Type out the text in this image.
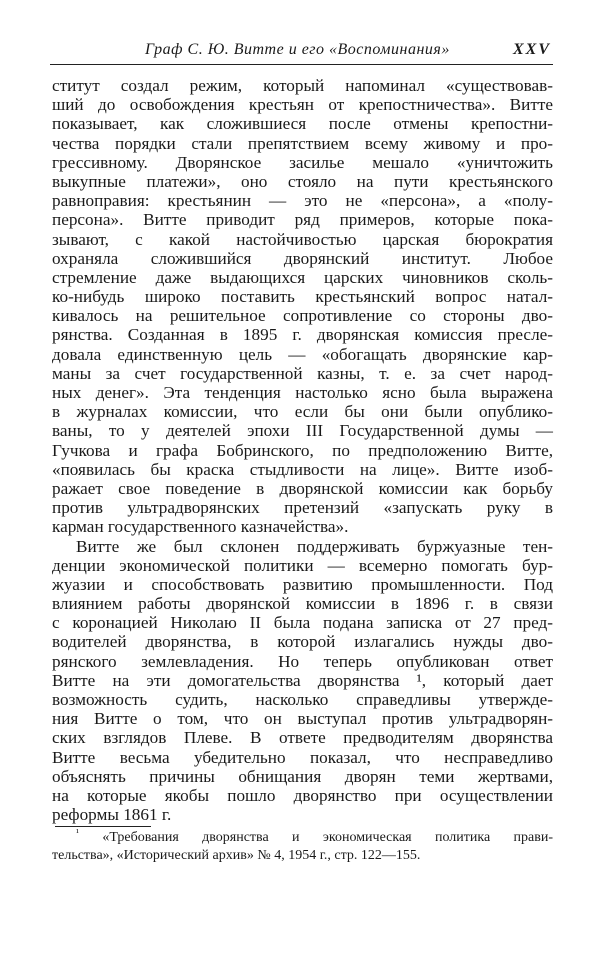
Граф С. Ю. Витте и его «Воспоминания»	XXV
ститут создал режим, который напоминал «существовав-
ший до освобождения крестьян от крепостничества». Витте
показывает, как сложившиеся после отмены крепостни-
чества порядки стали препятствием всему живому и про-
грессивному. Дворянское засилье мешало «уничтожить
выкупные платежи», оно стояло на пути крестьянского
равноправия: крестьянин — это не «персона», а «полу-
персона». Витте приводит ряд примеров, которые пока-
зывают, с какой настойчивостью царская бюрократия
охраняла сложившийся дворянский институт. Любое
стремление даже выдающихся царских чиновников сколь-
ко-нибудь широко поставить крестьянский вопрос натал-
кивалось на решительное сопротивление со стороны дво-
рянства. Созданная в 1895 г. дворянская комиссия пресле-
довала единственную цель — «обогащать дворянские кар-
маны за счет государственной казны, т. е. за счет народ-
ных денег». Эта тенденция настолько ясно была выражена
в журналах комиссии, что если бы они были опублико-
ваны, то у деятелей эпохи III Государственной думы —
Гучкова и графа Бобринского, по предположению Витте,
«появилась бы краска стыдливости на лице». Витте изоб-
ражает свое поведение в дворянской комиссии как борьбу
против ультрадворянских претензий «запускать руку в
карман государственного казначейства».
Витте же был склонен поддерживать буржуазные тен-
денции экономической политики — всемерно помогать бур-
жуазии и способствовать развитию промышленности. Под
влиянием работы дворянской комиссии в 1896 г. в связи
с коронацией Николаю II была подана записка от 27 пред-
водителей дворянства, в которой излагались нужды дво-
рянского землевладения. Но теперь опубликован ответ
Витте на эти домогательства дворянства ¹, который дает
возможность судить, насколько справедливы утвержде-
ния Витте о том, что он выступал против ультрадворян-
ских взглядов Плеве. В ответе предводителям дворянства
Витте весьма убедительно показал, что несправедливо
объяснять причины обнищания дворян теми жертвами,
на которые якобы пошло дворянство при осуществлении
реформы 1861 г.
$^{^1}$ «Требования дворянства и экономическая политика прави-
тельства», «Исторический архив» № 4, 1954 г., стр. 122—155.
